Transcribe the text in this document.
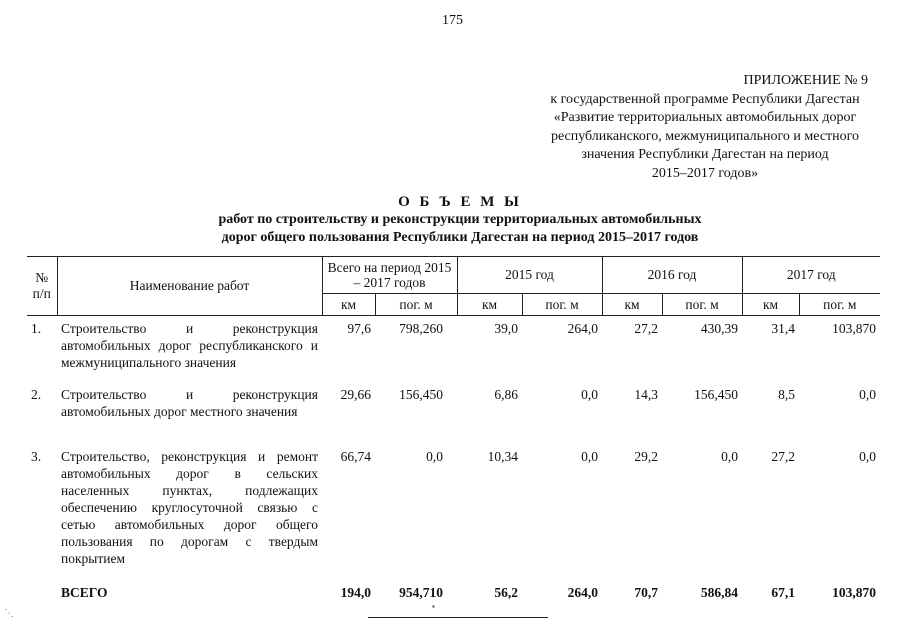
175
ПРИЛОЖЕНИЕ № 9
к государственной программе Республики Дагестан
«Развитие территориальных автомобильных дорог
республиканского, межмуниципального и местного
значения Республики Дагестан на период
2015–2017 годов»
О Б Ъ Е М Ы
работ по строительству и реконструкции территориальных автомобильных
дорог общего пользования Республики Дагестан на период 2015–2017 годов
№ п/п	Наименование работ	Всего на период 2015 – 2017 годов		2015 год		2016 год		2017 год	
		км	пог. м	км	пог. м	км	пог. м	км	пог. м
1.	Строительство и реконструкция автомобильных дорог республиканского и межмуниципального значения	97,6	798,260	39,0	264,0	27,2	430,39	31,4	103,870
2.	Строительство и реконструкция автомобильных дорог местного значения	29,66	156,450	6,86	0,0	14,3	156,450	8,5	0,0
3.	Строительство, реконструкция и ремонт автомобильных дорог в сельских населенных пунктах, подлежащих обеспечению круглосуточной связью с сетью автомобильных дорог общего пользования по дорогам с твердым покрытием	66,74	0,0	10,34	0,0	29,2	0,0	27,2	0,0
	ВСЕГО	194,0	954,710	56,2	264,0	70,7	586,84	67,1	103,870
▪
⋱
